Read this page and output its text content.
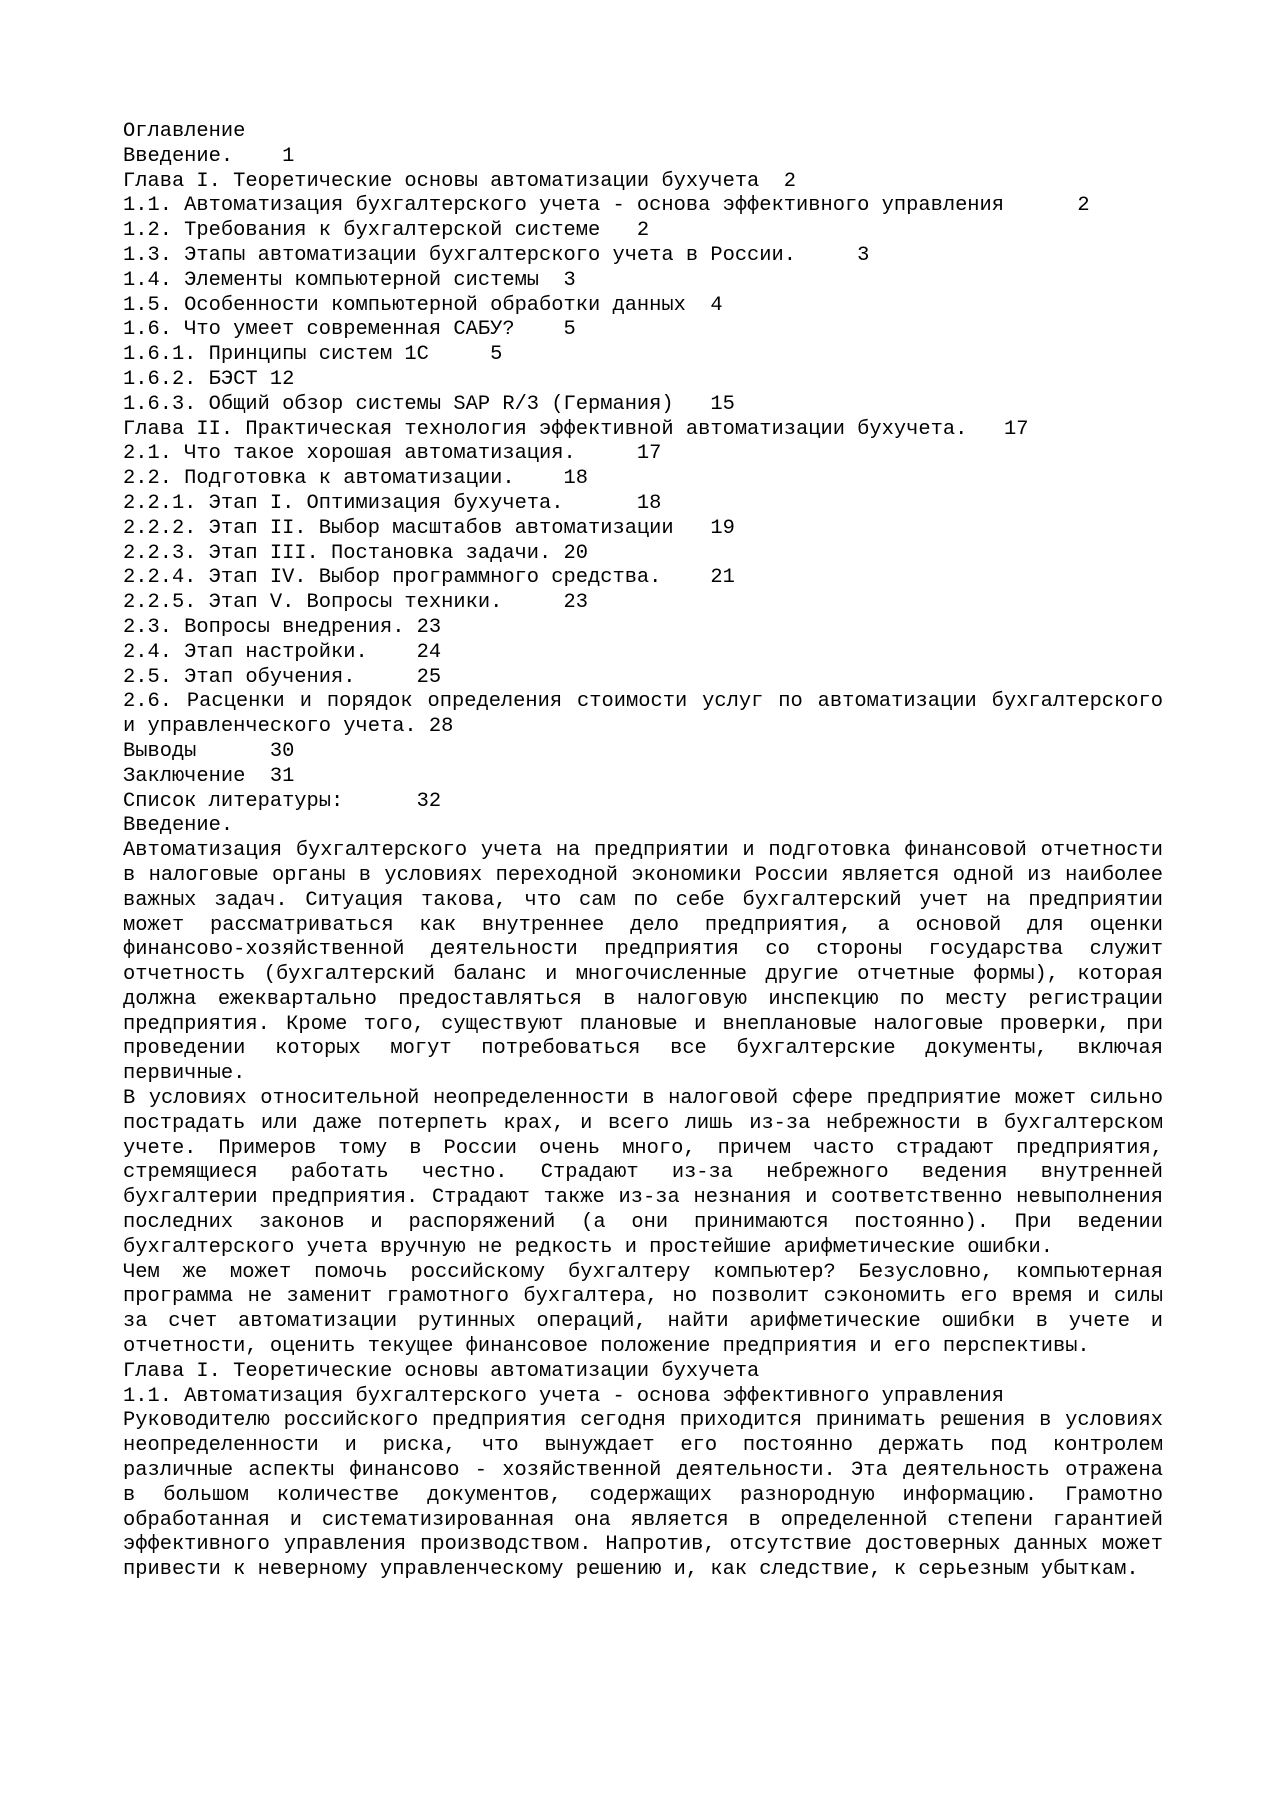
Оглавление
Введение.    1
Глава I. Теоретические основы автоматизации бухучета  2
1.1. Автоматизация бухгалтерского учета - основа эффективного управления      2
1.2. Требования к бухгалтерской системе   2
1.3. Этапы автоматизации бухгалтерского учета в России.     3
1.4. Элементы компьютерной системы  3
1.5. Особенности компьютерной обработки данных  4
1.6. Что умеет современная САБУ?    5
1.6.1. Принципы систем 1С     5
1.6.2. БЭСТ 12
1.6.3. Общий обзор системы SAP R/3 (Германия)   15
Глава II. Практическая технология эффективной автоматизации бухучета.   17
2.1. Что такое хорошая автоматизация.     17
2.2. Подготовка к автоматизации.    18
2.2.1. Этап I. Оптимизация бухучета.      18
2.2.2. Этап II. Выбор масштабов автоматизации   19
2.2.3. Этап III. Постановка задачи. 20
2.2.4. Этап IV. Выбор программного средства.    21
2.2.5. Этап V. Вопросы техники.     23
2.3. Вопросы внедрения. 23
2.4. Этап настройки.    24
2.5. Этап обучения.     25
2.6. Расценки и порядок определения стоимости услуг по автоматизации бухгалтерского и управленческого учета. 28
Выводы      30
Заключение  31
Список литературы:      32
Введение.
Автоматизация бухгалтерского учета на предприятии и подготовка финансовой отчетности в налоговые органы в условиях переходной экономики России является одной из наиболее важных задач. Ситуация такова, что сам по себе бухгалтерский учет на предприятии может рассматриваться как внутреннее дело предприятия, а основой для оценки финансово-хозяйственной деятельности предприятия со стороны государства служит отчетность (бухгалтерский баланс и многочисленные другие отчетные формы), которая должна ежеквартально предоставляться в налоговую инспекцию по месту регистрации предприятия. Кроме того, существуют плановые и внеплановые налоговые проверки, при проведении которых могут потребоваться все бухгалтерские документы, включая первичные.
В условиях относительной неопределенности в налоговой сфере предприятие может сильно пострадать или даже потерпеть крах, и всего лишь из-за небрежности в бухгалтерском учете. Примеров тому в России очень много, причем часто страдают предприятия, стремящиеся работать честно. Страдают из-за небрежного ведения внутренней бухгалтерии предприятия. Страдают также из-за незнания и соответственно невыполнения последних законов и распоряжений (а они принимаются постоянно). При ведении бухгалтерского учета вручную не редкость и простейшие арифметические ошибки.
Чем же может помочь российскому бухгалтеру компьютер? Безусловно, компьютерная программа не заменит грамотного бухгалтера, но позволит сэкономить его время и силы за счет автоматизации рутинных операций, найти арифметические ошибки в учете и отчетности, оценить текущее финансовое положение предприятия и его перспективы.
Глава I. Теоретические основы автоматизации бухучета
1.1. Автоматизация бухгалтерского учета - основа эффективного управления
Руководителю российского предприятия сегодня приходится принимать решения в условиях неопределенности и риска, что вынуждает его постоянно держать под контролем различные аспекты финансово - хозяйственной деятельности. Эта деятельность отражена в большом количестве документов, содержащих разнородную информацию. Грамотно обработанная и систематизированная она является в определенной степени гарантией эффективного управления производством. Напротив, отсутствие достоверных данных может привести к неверному управленческому решению и, как следствие, к серьезным убыткам.
